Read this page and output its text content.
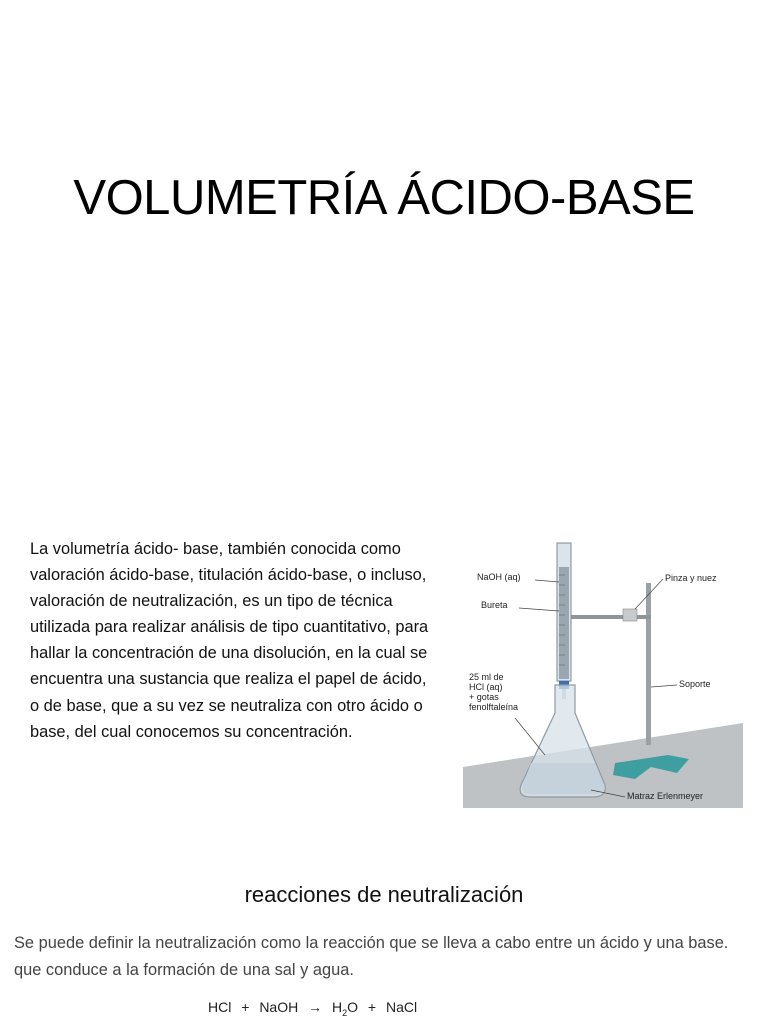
VOLUMETRÍA ÁCIDO-BASE

La volumetría ácido- base, también conocida como valoración ácido-base, titulación ácido-base, o incluso, valoración de neutralización, es un tipo de técnica utilizada para realizar análisis de tipo cuantitativo, para hallar la concentración de una disolución, en la cual se encuentra una sustancia que realiza el papel de ácido, o de base, que a su vez se neutraliza con otro ácido o base, del cual conocemos su concentración.

NaOH (aq)
Bureta
Pinza y nuez
Soporte
25 ml de
HCl (aq)
+ gotas
fenolftaleína
Matraz Erlenmeyer
reacciones de neutralización

Se puede definir la neutralización como la reacción que se lleva a cabo entre un ácido y una base. que conduce a la formación de una sal y agua.

HCl + NaOH → $H_2O$ + NaCl
